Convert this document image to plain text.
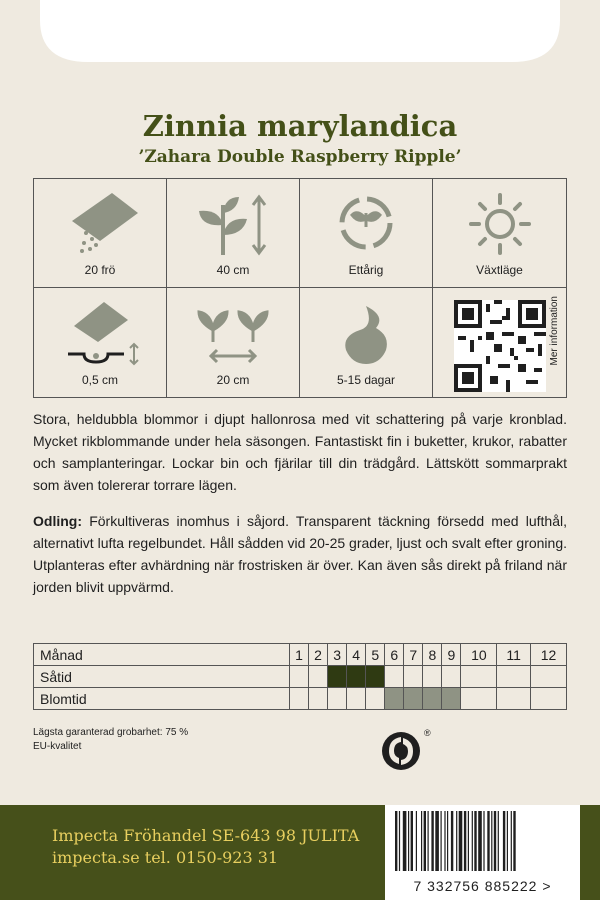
Zinnia marylandica
’Zahara Double Raspberry Ripple’
20 frö	40 cm	Ettårig	Växtläge
0,5 cm	20 cm	5-15 dagar
Mer information
Stora, heldubbla blommor i djupt hallonrosa med vit schattering på varje kronblad. Mycket rikblommande under hela säsongen. Fantastiskt fin i buketter, krukor, rabatter och samplanteringar. Lockar bin och fjärilar till din trädgård. Lättskött sommarprakt som även tolererar torrare lägen.
Odling: Förkultiveras inomhus i såjord. Transparent täckning försedd med lufthål, alternativt lufta regelbundet. Håll sådden vid 20-25 grader, ljust och svalt efter groning. Utplanteras efter avhärdning när frostrisken är över. Kan även sås direkt på friland när jorden blivit uppvärmd.
Månad	1	2	3	4	5	6	7	8	9	10	11	12
Såtid												
Blomtid												
Lägsta garanterad grobarhet: 75 %
EU-kvalitet
®
Impecta Fröhandel SE-643 98 JULITA
impecta.se tel. 0150-923 31
7 332756 885222 >
